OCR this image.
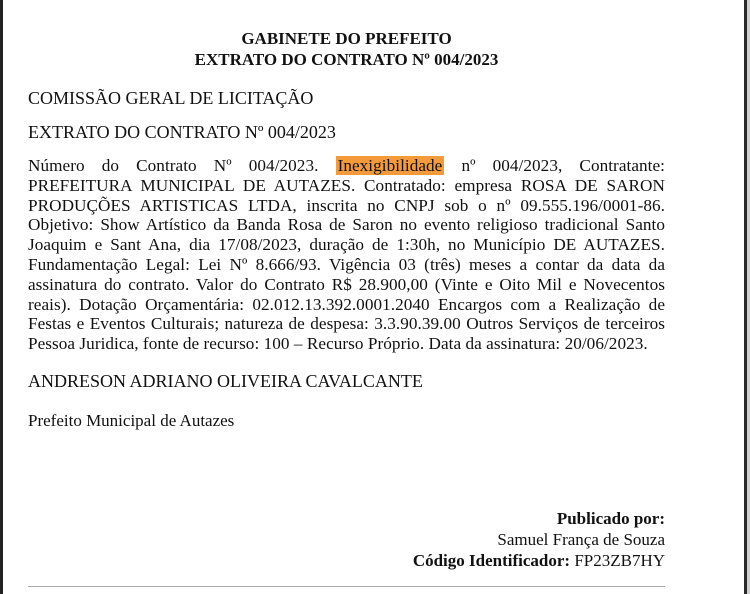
GABINETE DO PREFEITO
EXTRATO DO CONTRATO Nº 004/2023

COMISSÃO GERAL DE LICITAÇÃO

EXTRATO DO CONTRATO Nº 004/2023

Número do Contrato Nº 004/2023. Inexigibilidade nº 004/2023, Contratante: PREFEITURA MUNICIPAL DE AUTAZES. Contratado: empresa ROSA DE SARON PRODUÇÕES ARTISTICAS LTDA, inscrita no CNPJ sob o nº 09.555.196/0001-86. Objetivo: Show Artístico da Banda Rosa de Saron no evento religioso tradicional Santo Joaquim e Sant Ana, dia 17/08/2023, duração de 1:30h, no Município DE AUTAZES. Fundamentação Legal: Lei Nº 8.666/93. Vigência 03 (três) meses a contar da data da assinatura do contrato. Valor do Contrato R$ 28.900,00 (Vinte e Oito Mil e Novecentos reais). Dotação Orçamentária: 02.012.13.392.0001.2040 Encargos com a Realização de Festas e Eventos Culturais; natureza de despesa: 3.3.90.39.00 Outros Serviços de terceiros Pessoa Juridica, fonte de recurso: 100 – Recurso Próprio. Data da assinatura: 20/06/2023.

ANDRESON ADRIANO OLIVEIRA CAVALCANTE

Prefeito Municipal de Autazes

Publicado por:
Samuel França de Souza
Código Identificador: FP23ZB7HY
